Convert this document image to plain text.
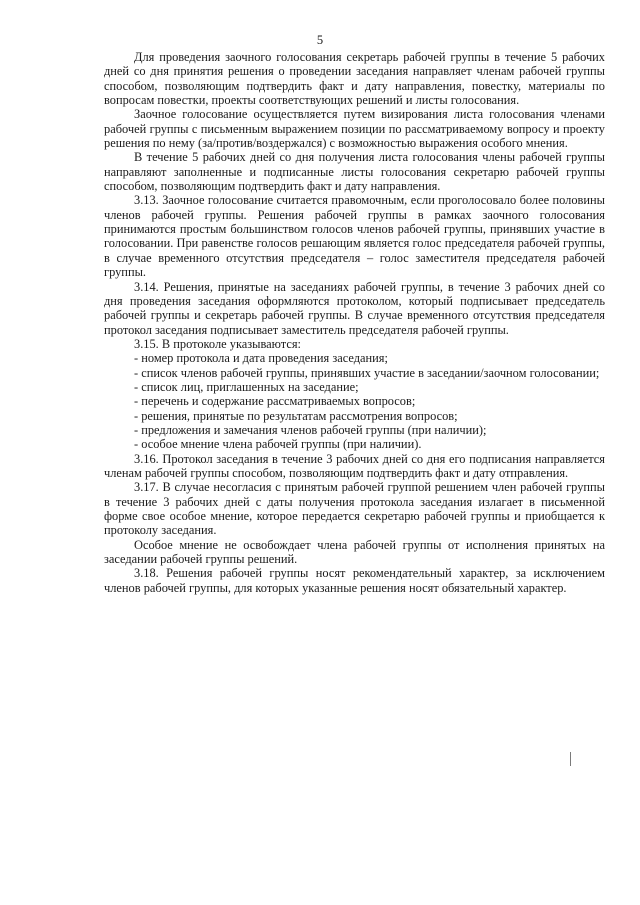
5

Для проведения заочного голосования секретарь рабочей группы в течение 5 рабочих дней со дня принятия решения о проведении заседания направляет членам рабочей группы способом, позволяющим подтвердить факт и дату направления, повестку, материалы по вопросам повестки, проекты соответствующих решений и листы голосования.

Заочное голосование осуществляется путем визирования листа голосования членами рабочей группы с письменным выражением позиции по рассматриваемому вопросу и проекту решения по нему (за/против/воздержался) с возможностью выражения особого мнения.

В течение 5 рабочих дней со дня получения листа голосования члены рабочей группы направляют заполненные и подписанные листы голосования секретарю рабочей группы способом, позволяющим подтвердить факт и дату направления.

3.13. Заочное голосование считается правомочным, если проголосовало более половины членов рабочей группы. Решения рабочей группы в рамках заочного голосования принимаются простым большинством голосов членов рабочей группы, принявших участие в голосовании. При равенстве голосов решающим является голос председателя рабочей группы, в случае временного отсутствия председателя – голос заместителя председателя рабочей группы.

3.14. Решения, принятые на заседаниях рабочей группы, в течение 3 рабочих дней со дня проведения заседания оформляются протоколом, который подписывает председатель рабочей группы и секретарь рабочей группы. В случае временного отсутствия председателя протокол заседания подписывает заместитель председателя рабочей группы.

3.15. В протоколе указываются:

- номер протокола и дата проведения заседания;

- список членов рабочей группы, принявших участие в заседании/заочном голосовании;

- список лиц, приглашенных на заседание;

- перечень и содержание рассматриваемых вопросов;

- решения, принятые по результатам рассмотрения вопросов;

- предложения и замечания членов рабочей группы (при наличии);

- особое мнение члена рабочей группы (при наличии).

3.16. Протокол заседания в течение 3 рабочих дней со дня его подписания направляется членам рабочей группы способом, позволяющим подтвердить факт и дату отправления.

3.17. В случае несогласия с принятым рабочей группой решением член рабочей группы в течение 3 рабочих дней с даты получения протокола заседания излагает в письменной форме свое особое мнение, которое передается секретарю рабочей группы и приобщается к протоколу заседания.

Особое мнение не освобождает члена рабочей группы от исполнения принятых на заседании рабочей группы решений.

3.18. Решения рабочей группы носят рекомендательный характер, за исключением членов рабочей группы, для которых указанные решения носят обязательный характер.
